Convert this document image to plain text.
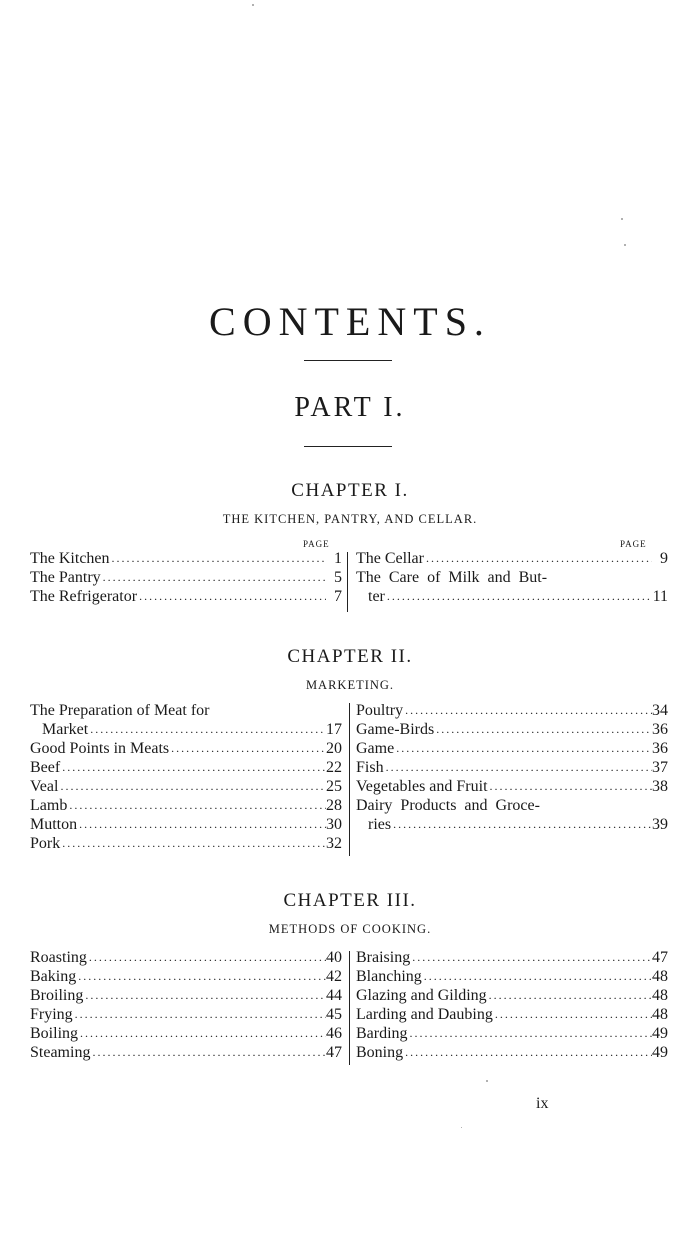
CONTENTS.
PART I.
CHAPTER I.
THE KITCHEN, PANTRY, AND CELLAR.
PAGE	PAGE
The Kitchen .....	1
The Pantry .....	5
The Refrigerator .....	7
The Cellar .....	9
The Care of Milk and But-
ter .....	11
CHAPTER II.
MARKETING.
The Preparation of Meat for
Market .....	17
Good Points in Meats .....	20
Beef .....	22
Veal .....	25
Lamb .....	28
Mutton .....	30
Pork .....	32
Poultry .....	34
Game-Birds .....	36
Game .....	36
Fish .....	37
Vegetables and Fruit .....	38
Dairy Products and Groce-
ries .....	39
CHAPTER III.
METHODS OF COOKING.
Roasting .....	40
Baking .....	42
Broiling .....	44
Frying .....	45
Boiling .....	46
Steaming .....	47
Braising .....	47
Blanching .....	48
Glazing and Gilding .....	48
Larding and Daubing .....	48
Barding .....	49
Boning .....	49
ix
